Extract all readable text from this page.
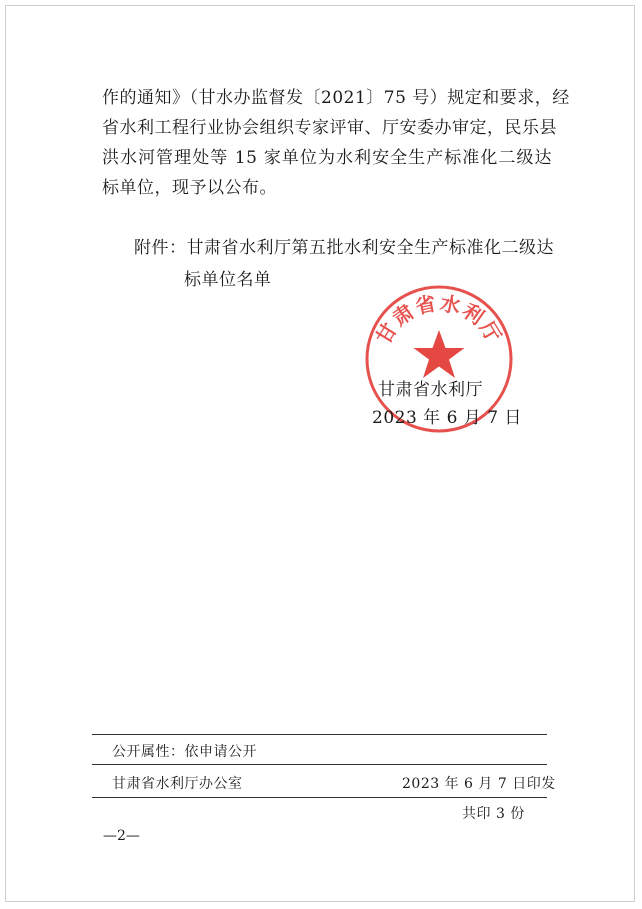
作的通知》（甘水办监督发〔2021〕75 号）规定和要求，经
省水利工程行业协会组织专家评审、厅安委办审定，民乐县
洪水河管理处等 15 家单位为水利安全生产标准化二级达
标单位，现予以公布。
附件：甘肃省水利厅第五批水利安全生产标准化二级达
标单位名单
甘肃省水利厅
甘肃省水利厅
2023 年 6 月 7 日
公开属性：依申请公开
甘肃省水利厅办公室	2023 年 6 月 7 日印发
共印 3 份
—2—
